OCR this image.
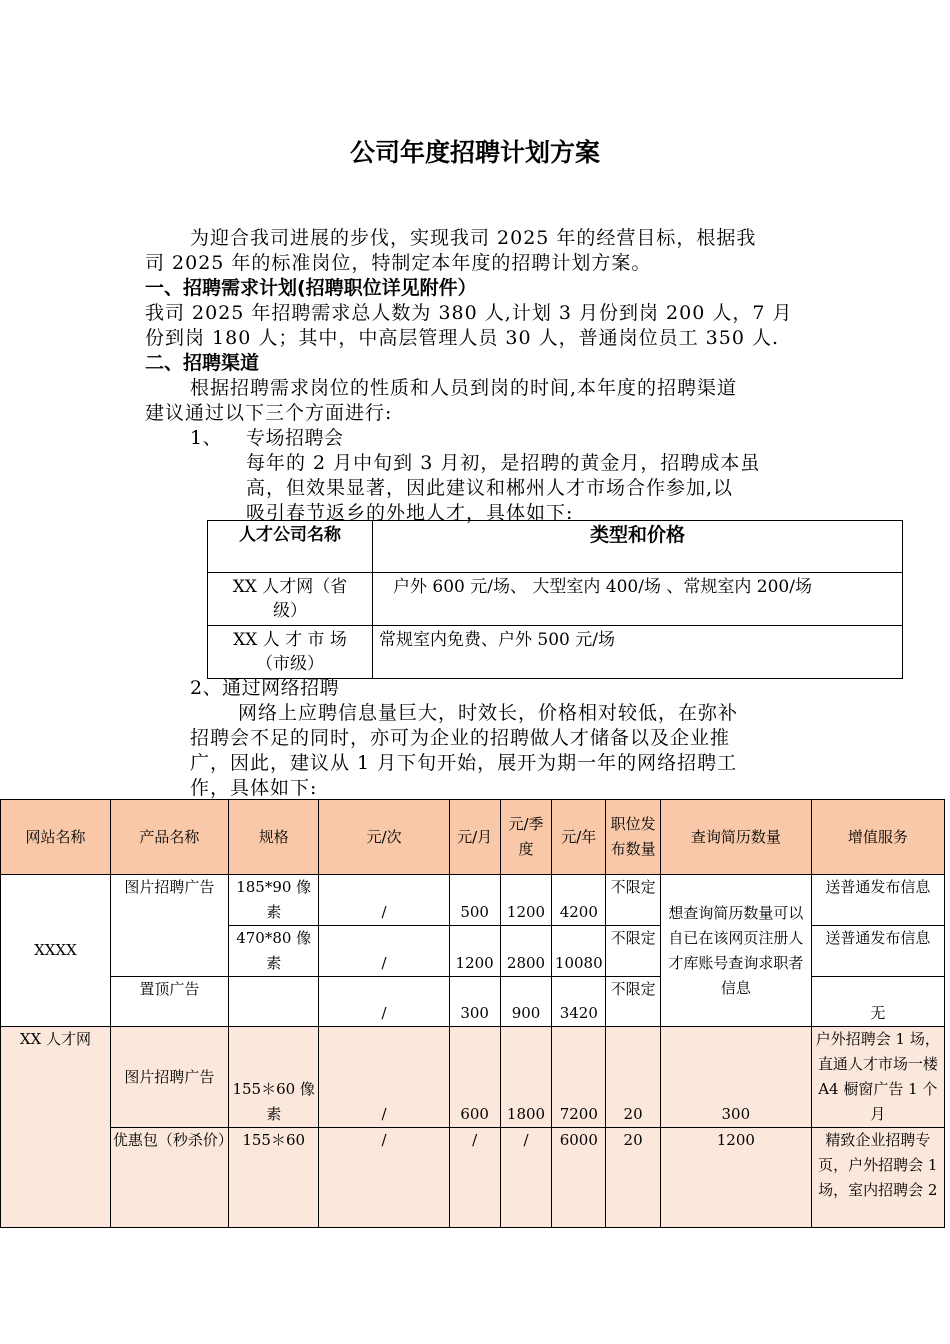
公司年度招聘计划方案
为迎合我司进展的步伐，实现我司 2025 年的经营目标，根据我
司 2025 年的标准岗位，特制定本年度的招聘计划方案。
一、招聘需求计划(招聘职位详见附件）
我司 2025 年招聘需求总人数为 380 人,计划 3 月份到岗 200 人，7 月
份到岗 180 人；其中，中高层管理人员 30 人，普通岗位员工 350 人.
二、招聘渠道
根据招聘需求岗位的性质和人员到岗的时间,本年度的招聘渠道
建议通过以下三个方面进行:
1、 专场招聘会
每年的 2 月中旬到 3 月初，是招聘的黄金月，招聘成本虽
高，但效果显著，因此建议和郴州人才市场合作参加,以
吸引春节返乡的外地人才，具体如下:
人才公司名称	类型和价格

XX 人才网（省
级）	户外 600 元/场、 大型室内 400/场 、常规室内 200/场

XX 人 才 市 场
（市级）	常规室内免费、户外 500 元/场
2、通过网络招聘
网络上应聘信息量巨大，时效长，价格相对较低，在弥补
招聘会不足的同时，亦可为企业的招聘做人才储备以及企业推
广，因此，建议从 1 月下旬开始，展开为期一年的网络招聘工
作，具体如下:
网站名称	产品名称	规格	元/次	元/月	元/季度	元/年	职位发布数量	查询简历数量	增值服务
XXXX	图片招聘广告	185*90 像素	/	500	1200	4200	不限定	想查询简历数量可以自已在该网页注册人才库账号查询求职者信息	送普通发布信息
		470*80 像素	/	1200	2800	10080	不限定		送普通发布信息
	置顶广告		/	300	900	3420	不限定		无
XX 人才网	图片招聘广告	155＊60 像素	/	600	1800	7200	20	300	户外招聘会 1 场，直通人才市场一楼 A4 橱窗广告 1 个月
	优惠包（秒杀价）	155＊60	/	/	/	6000	20	1200	精致企业招聘专页，户外招聘会 1 场，室内招聘会 2
